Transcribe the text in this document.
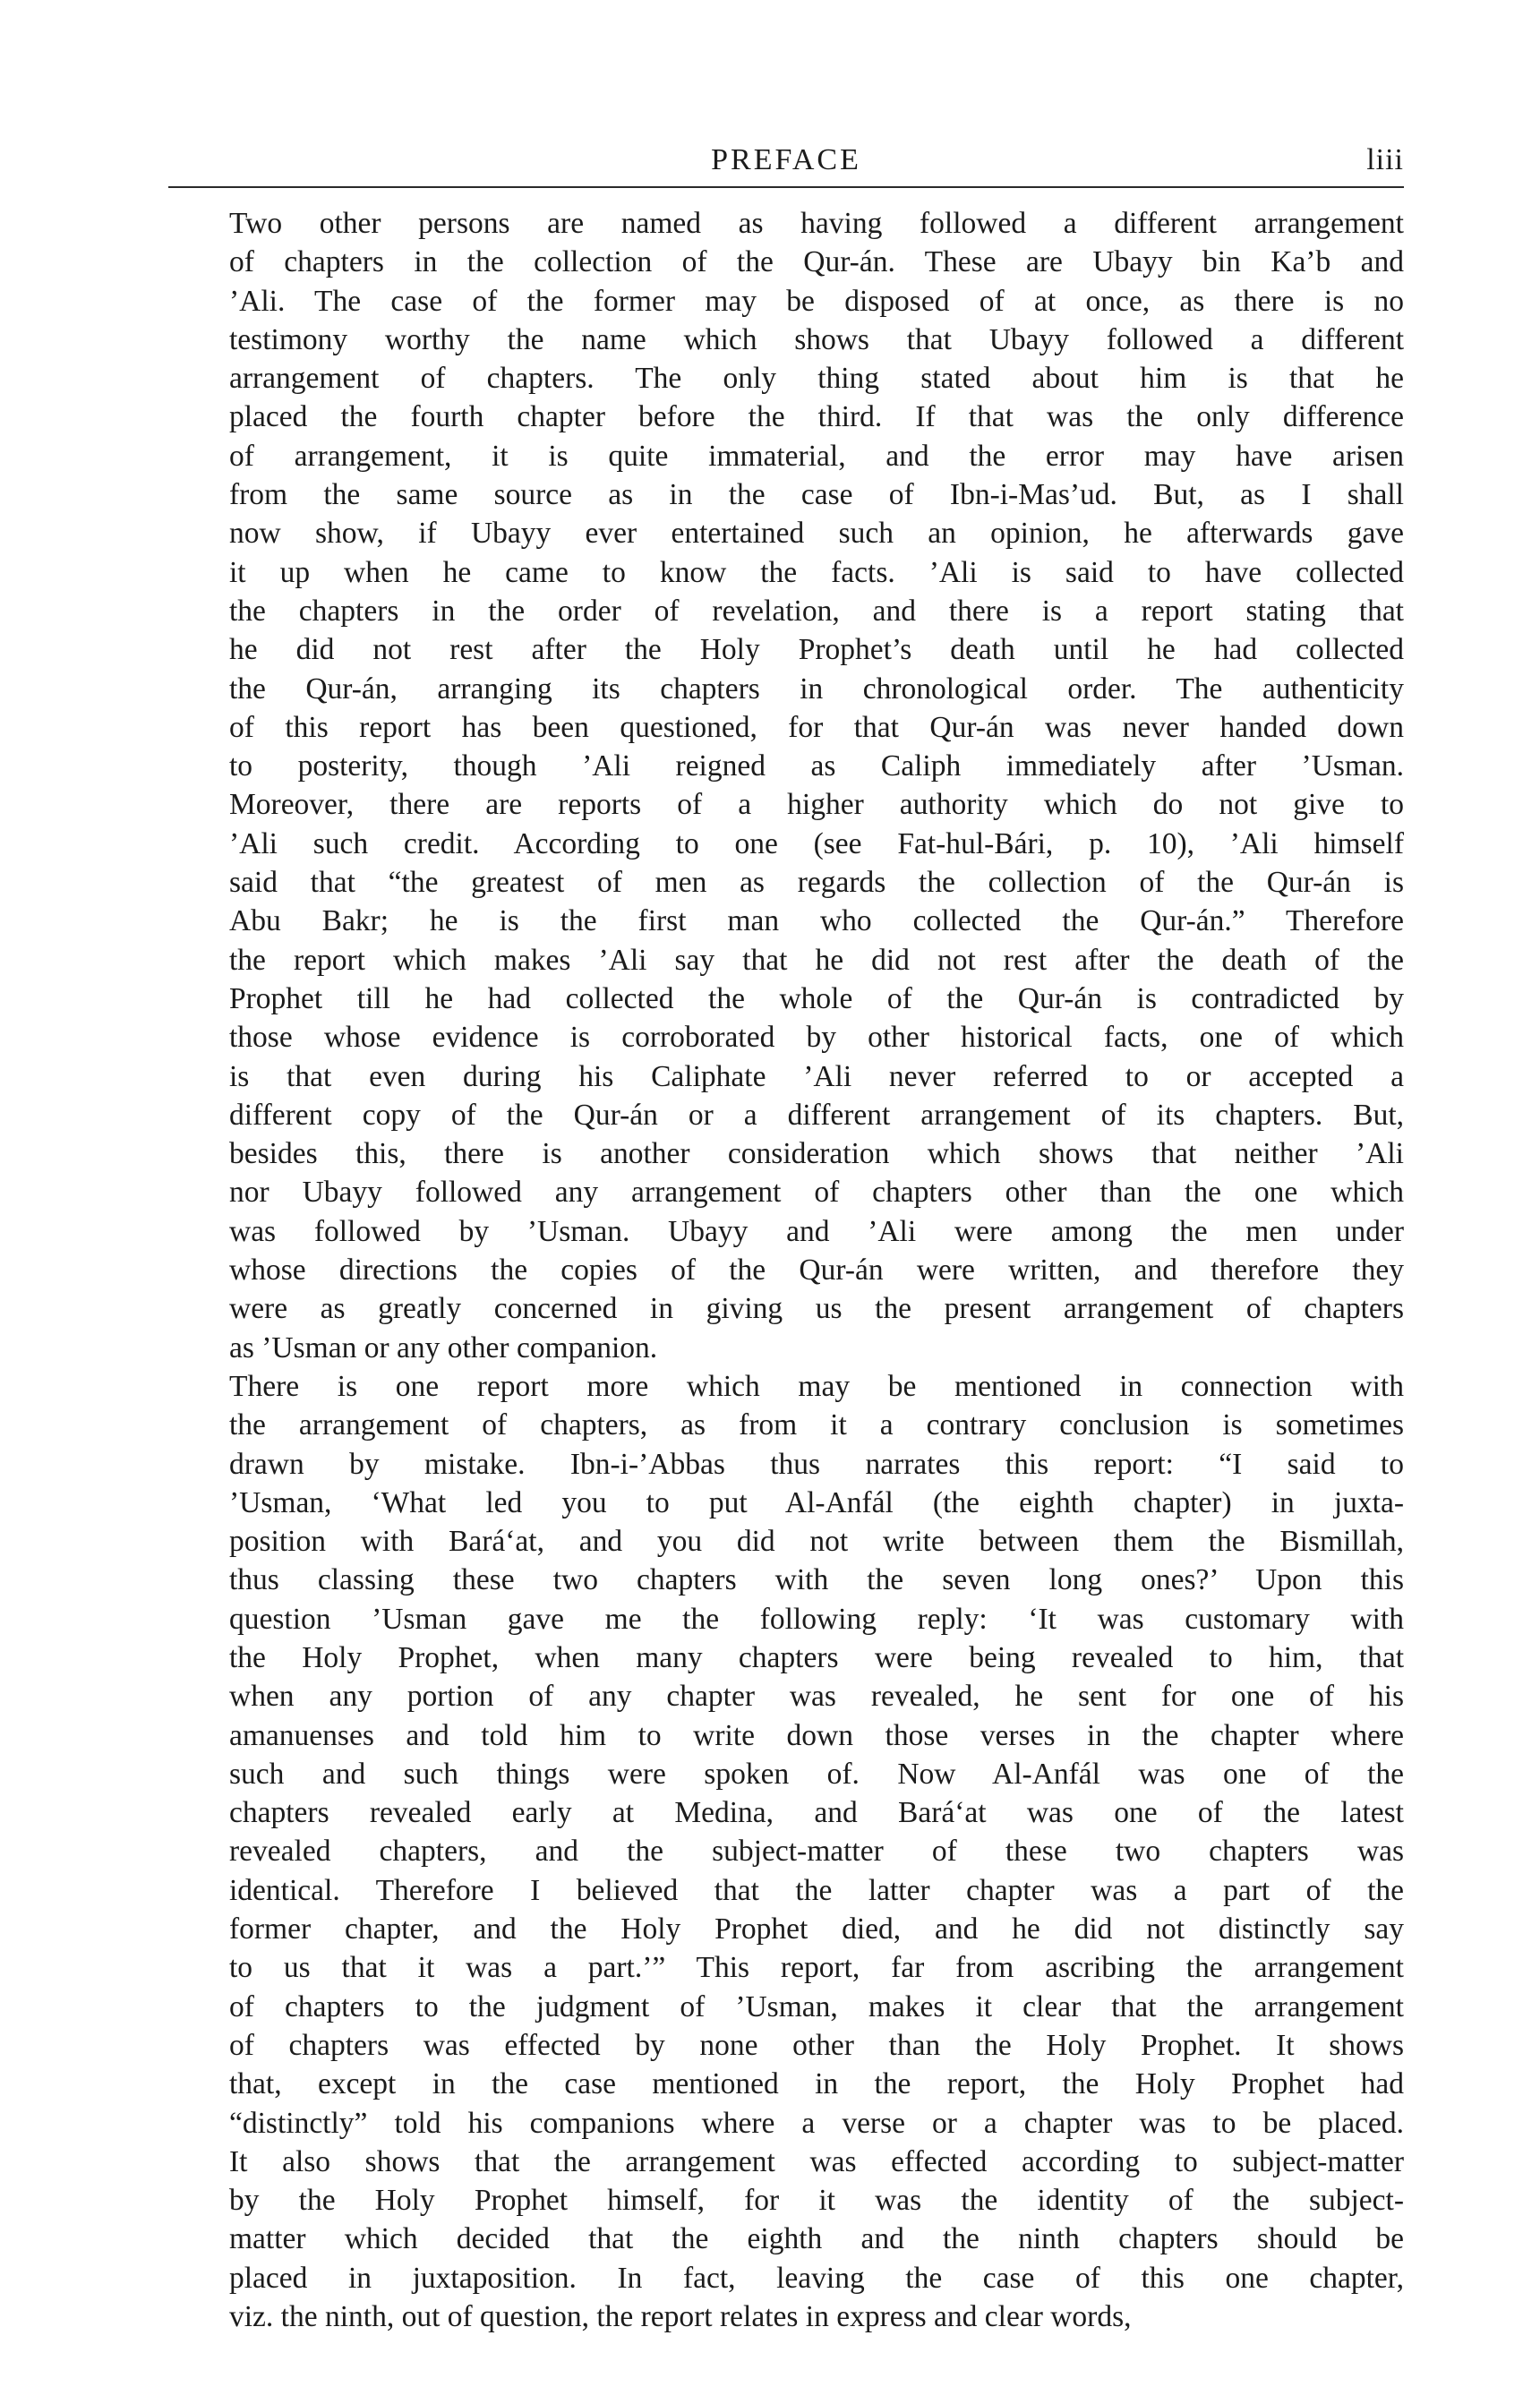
PREFACE	liii

Two other persons are named as having followed a different arrangement
of chapters in the collection of the Qur-án. These are Ubayy bin Ka’b and
’Ali. The case of the former may be disposed of at once, as there is no
testimony worthy the name which shows that Ubayy followed a different
arrangement of chapters. The only thing stated about him is that he
placed the fourth chapter before the third. If that was the only difference
of arrangement, it is quite immaterial, and the error may have arisen
from the same source as in the case of Ibn-i-Mas’ud. But, as I shall
now show, if Ubayy ever entertained such an opinion, he afterwards gave
it up when he came to know the facts. ’Ali is said to have collected
the chapters in the order of revelation, and there is a report stating that
he did not rest after the Holy Prophet’s death until he had collected
the Qur-án, arranging its chapters in chronological order. The authenticity
of this report has been questioned, for that Qur-án was never handed down
to posterity, though ’Ali reigned as Caliph immediately after ’Usman.
Moreover, there are reports of a higher authority which do not give to
’Ali such credit. According to one (see Fat-hul-Bári, p. 10), ’Ali himself
said that “the greatest of men as regards the collection of the Qur-án is
Abu Bakr; he is the first man who collected the Qur-án.” Therefore
the report which makes ’Ali say that he did not rest after the death of the
Prophet till he had collected the whole of the Qur-án is contradicted by
those whose evidence is corroborated by other historical facts, one of which
is that even during his Caliphate ’Ali never referred to or accepted a
different copy of the Qur-án or a different arrangement of its chapters. But,
besides this, there is another consideration which shows that neither ’Ali
nor Ubayy followed any arrangement of chapters other than the one which
was followed by ’Usman. Ubayy and ’Ali were among the men under
whose directions the copies of the Qur-án were written, and therefore they
were as greatly concerned in giving us the present arrangement of chapters
as ’Usman or any other companion.

There is one report more which may be mentioned in connection with
the arrangement of chapters, as from it a contrary conclusion is sometimes
drawn by mistake. Ibn-i-’Abbas thus narrates this report: “I said to
’Usman, ‘What led you to put Al-Anfál (the eighth chapter) in juxta-
position with Bará‘at, and you did not write between them the Bismillah,
thus classing these two chapters with the seven long ones?’ Upon this
question ’Usman gave me the following reply: ‘It was customary with
the Holy Prophet, when many chapters were being revealed to him, that
when any portion of any chapter was revealed, he sent for one of his
amanuenses and told him to write down those verses in the chapter where
such and such things were spoken of. Now Al-Anfál was one of the
chapters revealed early at Medina, and Bará‘at was one of the latest
revealed chapters, and the subject-matter of these two chapters was
identical. Therefore I believed that the latter chapter was a part of the
former chapter, and the Holy Prophet died, and he did not distinctly say
to us that it was a part.’” This report, far from ascribing the arrangement
of chapters to the judgment of ’Usman, makes it clear that the arrangement
of chapters was effected by none other than the Holy Prophet. It shows
that, except in the case mentioned in the report, the Holy Prophet had
“distinctly” told his companions where a verse or a chapter was to be placed.
It also shows that the arrangement was effected according to subject-matter
by the Holy Prophet himself, for it was the identity of the subject-
matter which decided that the eighth and the ninth chapters should be
placed in juxtaposition. In fact, leaving the case of this one chapter,
viz. the ninth, out of question, the report relates in express and clear words,
